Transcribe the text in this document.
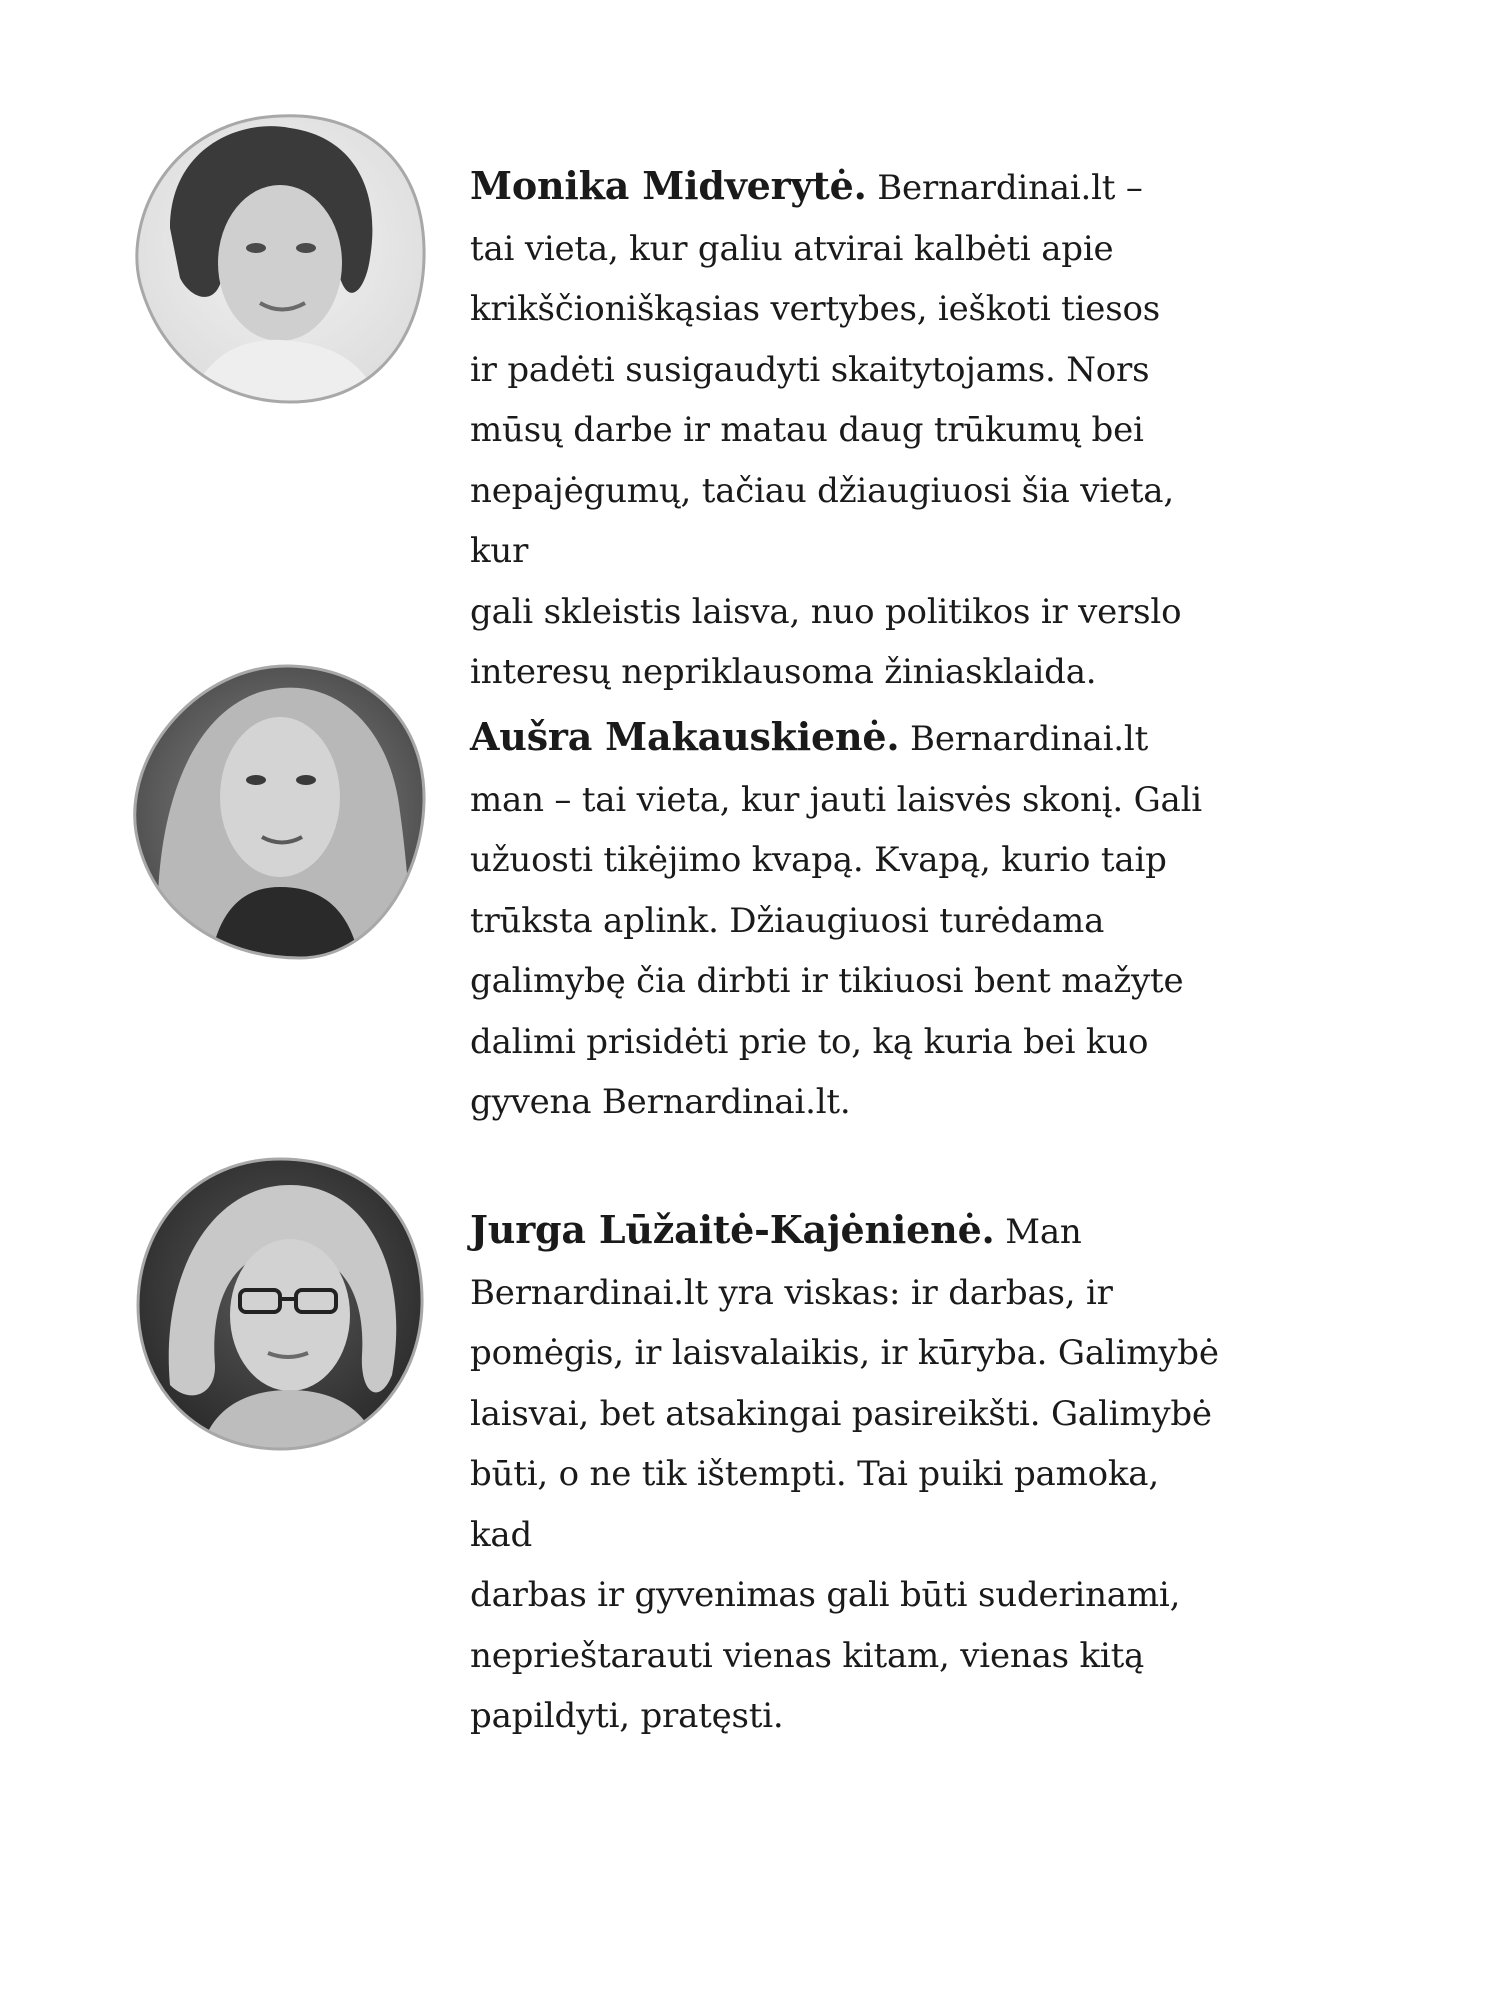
Monika Midverytė. Bernardinai.lt –
tai vieta, kur galiu atvirai kalbėti apie
krikščioniškąsias vertybes, ieškoti tiesos
ir padėti susigaudyti skaitytojams. Nors
mūsų darbe ir matau daug trūkumų bei
nepajėgumų, tačiau džiaugiuosi šia vieta, kur
gali skleistis laisva, nuo politikos ir verslo
interesų nepriklausoma žiniasklaida.

Aušra Makauskienė. Bernardinai.lt
man – tai vieta, kur jauti laisvės skonį. Gali
užuosti tikėjimo kvapą. Kvapą, kurio taip
trūksta aplink. Džiaugiuosi turėdama
galimybę čia dirbti ir tikiuosi bent mažyte
dalimi prisidėti prie to, ką kuria bei kuo
gyvena Bernardinai.lt.

Jurga Lūžaitė-Kajėnienė. Man
Bernardinai.lt yra viskas: ir darbas, ir
pomėgis, ir laisvalaikis, ir kūryba. Galimybė
laisvai, bet atsakingai pasireikšti. Galimybė
būti, o ne tik ištempti. Tai puiki pamoka, kad
darbas ir gyvenimas gali būti suderinami,
neprieštarauti vienas kitam, vienas kitą
papildyti, pratęsti.
